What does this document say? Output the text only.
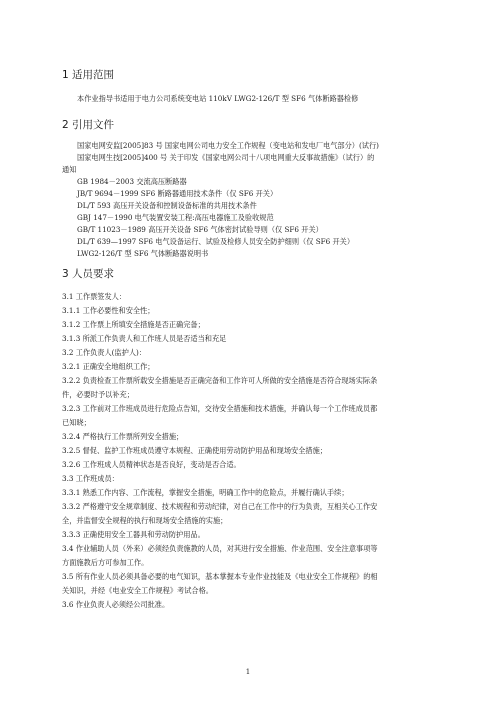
1 适用范围
本作业指导书适用于电力公司系统变电站 110kV LWG2-126/T 型 SF6 气体断路器检修
2 引用文件
国家电网安监[2005]83 号 国家电网公司电力安全工作规程（变电站和发电厂电气部分）(试行)
国家电网生技[2005]400 号 关于印发《国家电网公司十八项电网重大反事故措施》（试行）的
通知
GB 1984－2003 交流高压断路器
JB/T 9694－1999 SF6 断路器通用技术条件（仅 SF6 开关）
DL/T 593 高压开关设备和控制设备标准的共用技术条件
GBJ 147－1990 电气装置安装工程:高压电器施工及验收规范
GB/T 11023－1989 高压开关设备 SF6 气体密封试验导则（仅 SF6 开关）
DL/T 639—1997 SF6 电气设备运行、试验及检修人员安全防护细则（仅 SF6 开关）
LWG2-126/T 型 SF6 气体断路器说明书
3 人员要求
3.1 工作票签发人：
3.1.1 工作必要性和安全性；
3.1.2 工作票上所填安全措施是否正确完备；
3.1.3 所派工作负责人和工作班人员是否适当和充足
3.2 工作负责人(监护人)：
3.2.1 正确安全地组织工作；
3.2.2 负责检查工作票所载安全措施是否正确完备和工作许可人所做的安全措施是否符合现场实际条
件，必要时予以补充；
3.2.3 工作前对工作班成员进行危险点告知，交待安全措施和技术措施，并确认每一个工作班成员都
已知晓；
3.2.4 严格执行工作票所列安全措施；
3.2.5 督促、监护工作班成员遵守本规程、正确使用劳动防护用品和现场安全措施；
3.2.6 工作班成人员精神状态是否良好，变动是否合适。
3.3 工作班成员：
3.3.1 熟悉工作内容、工作流程，掌握安全措施，明确工作中的危险点，并履行确认手续；
3.3.2 严格遵守安全规章制度、技术规程和劳动纪律，对自己在工作中的行为负责，互相关心工作安
全，并监督安全规程的执行和现场安全措施的实施；
3.3.3 正确使用安全工器具和劳动防护用品。
3.4 作业辅助人员（外来）必须经负责施教的人员，对其进行安全措施、作业范围、安全注意事项等
方面施教后方可参加工作。
3.5 所有作业人员必须具备必要的电气知识，基本掌握本专业作业技能及《电业安全工作规程》的相
关知识，并经《电业安全工作规程》考试合格。
3.6 作业负责人必须经公司批准。
1
